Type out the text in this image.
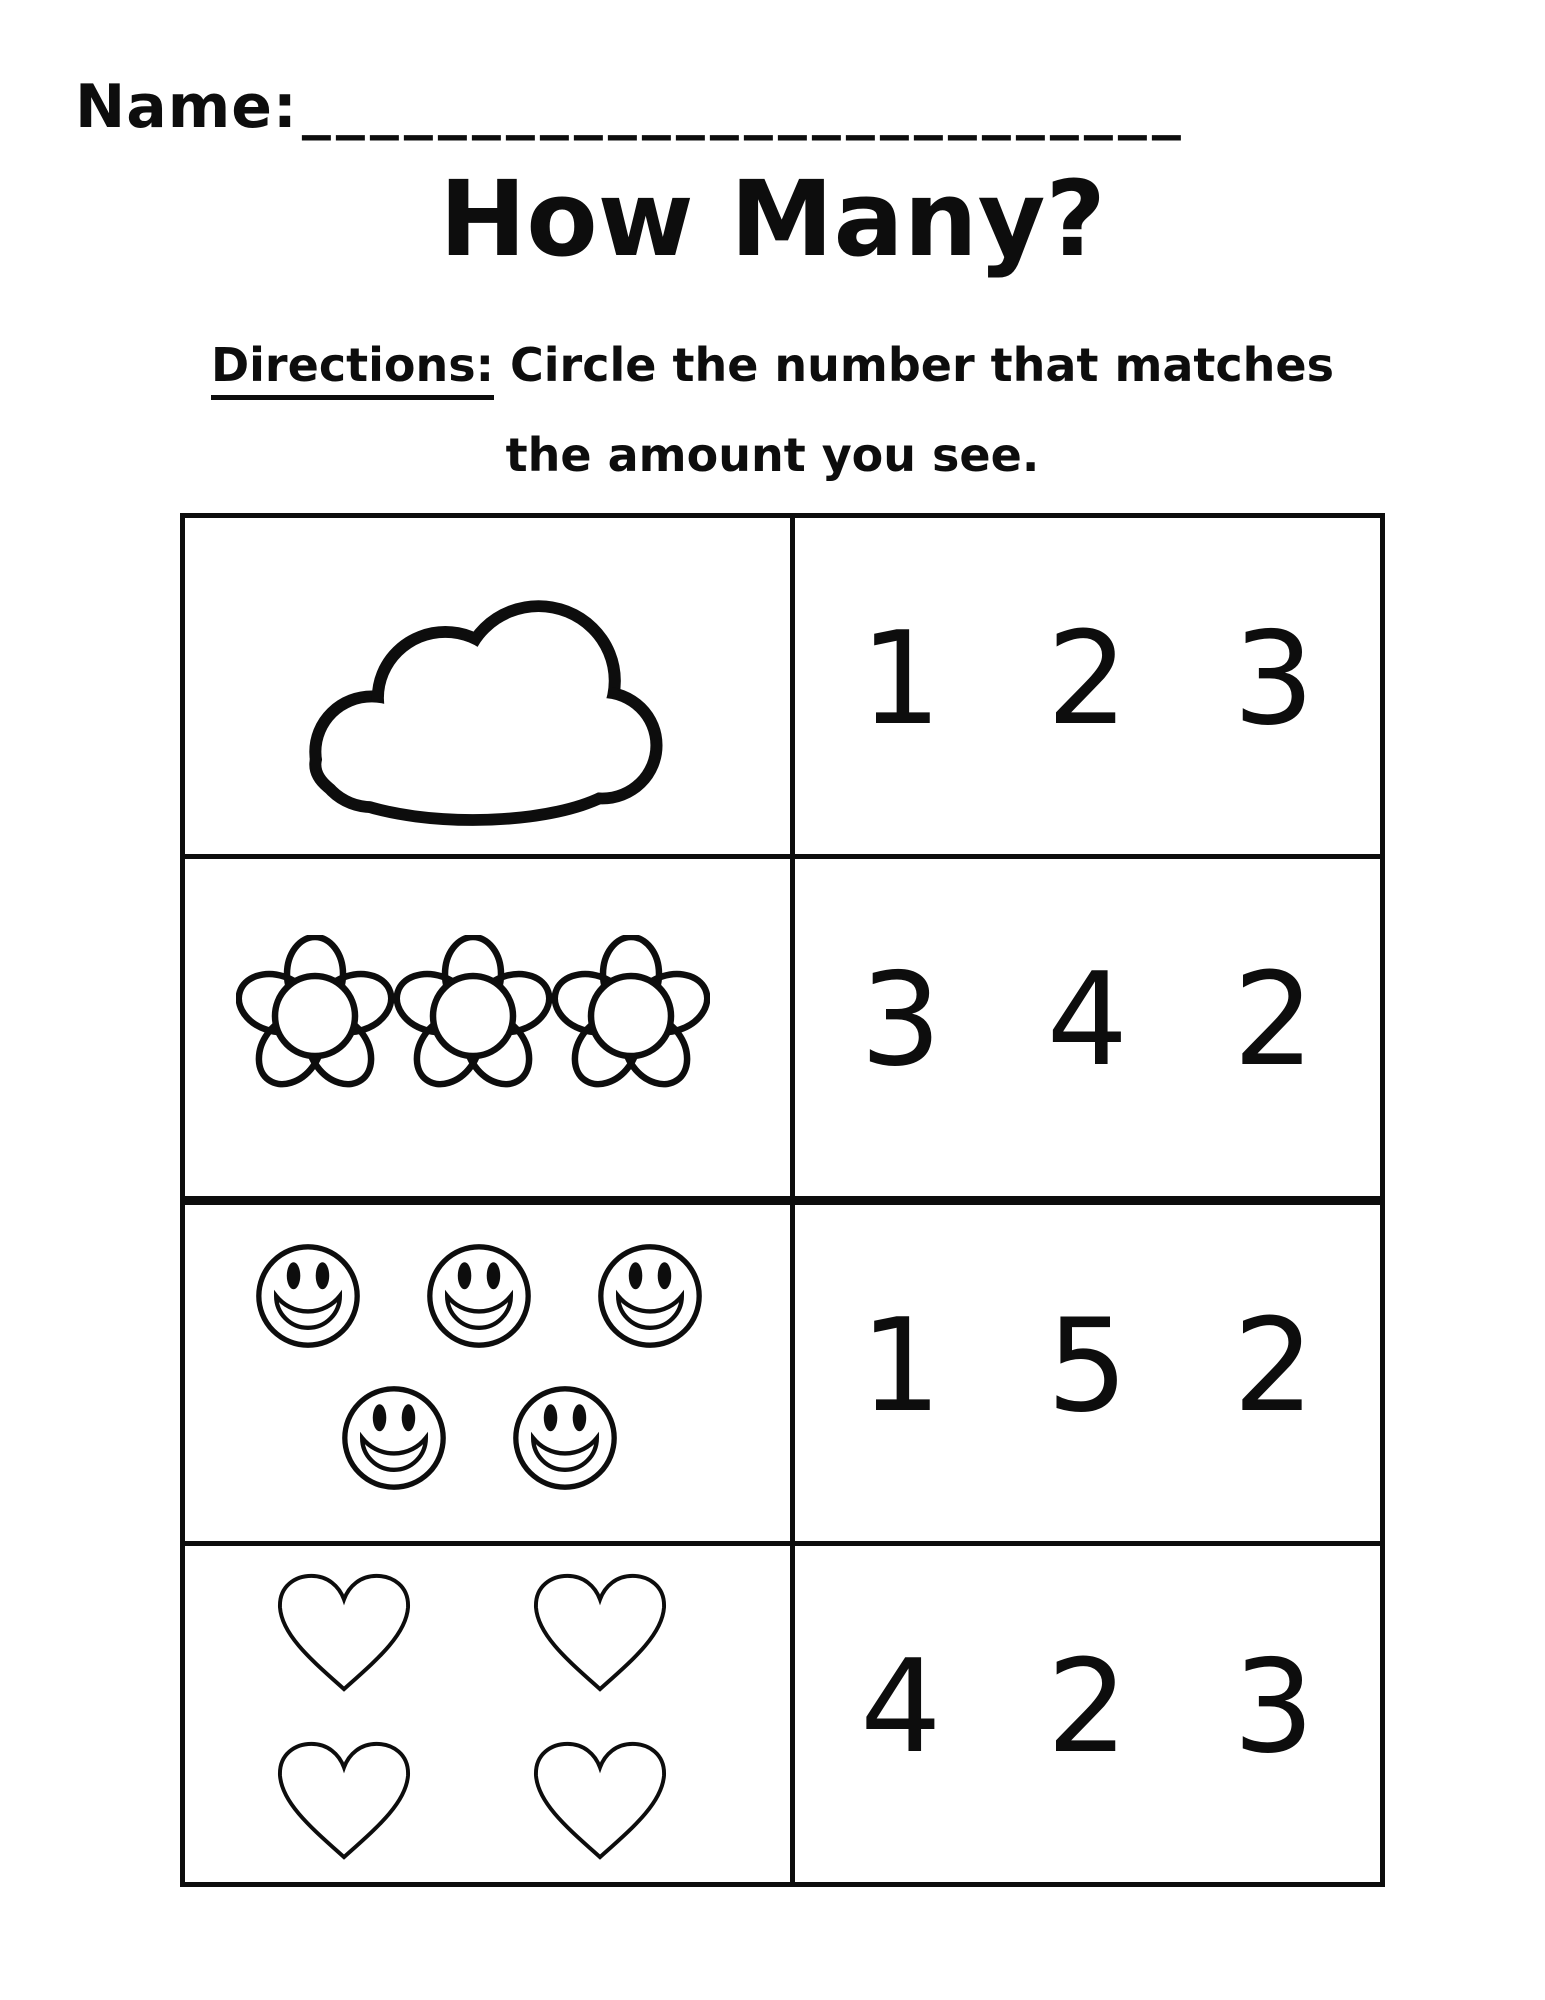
Name: __________________________
How Many?
Directions: Circle the number that matches
the amount you see.
1 2 3
3 4 2
1 5 2
4 2 3
